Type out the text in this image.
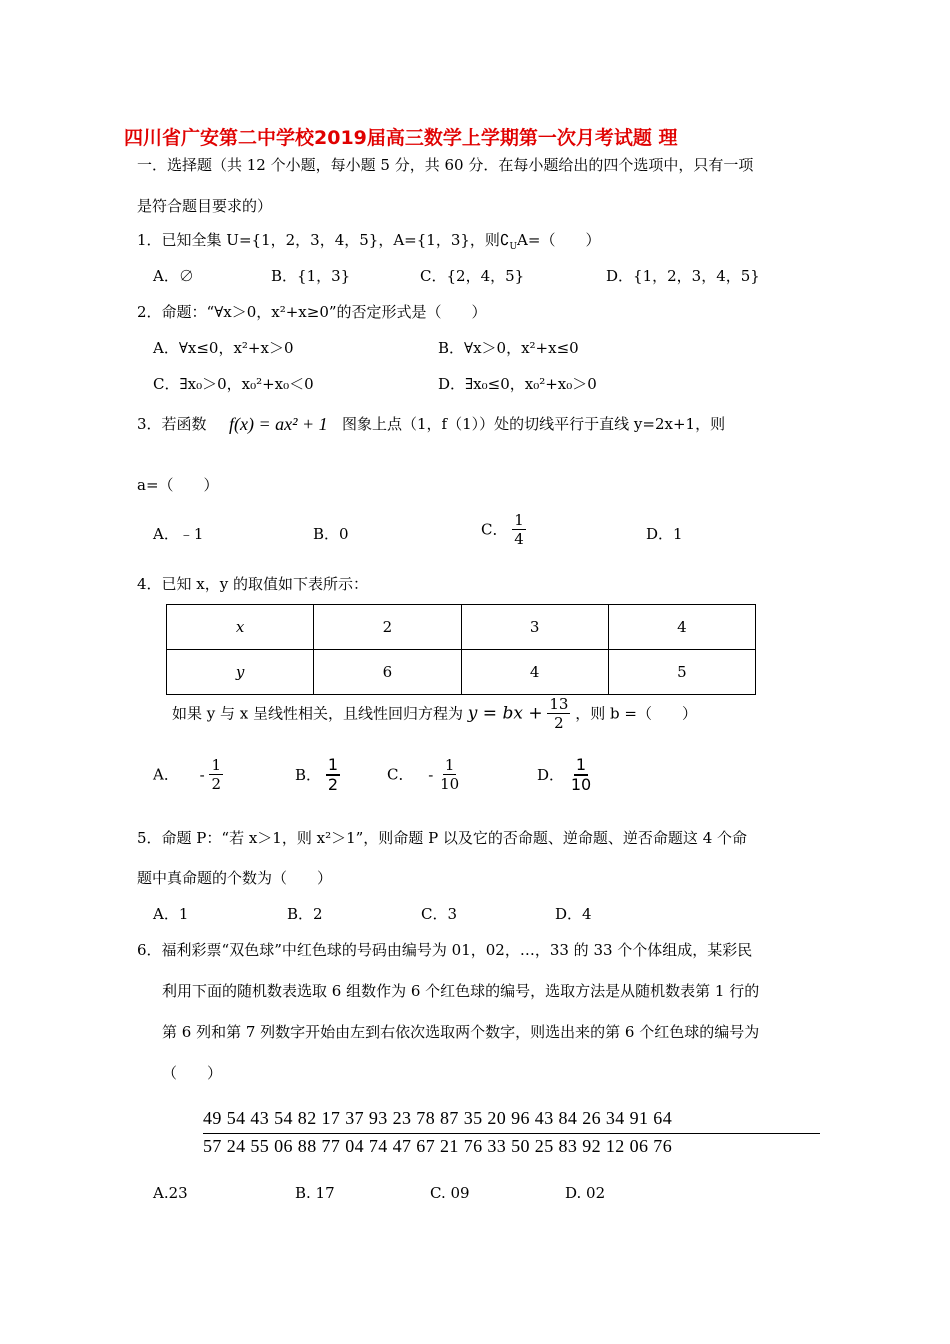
四川省广安第二中学校2019届高三数学上学期第一次月考试题 理
一．选择题（共 12 个小题，每小题 5 分，共 60 分．在每小题给出的四个选项中，只有一项
是符合题目要求的）
1．已知全集 U={1，2，3，4，5}，A={1，3}，则$∁_UA=$（　　）
A．∅	B．{1，3}	C．{2，4，5}	D．{1，2，3，4，5}
2．命题：“∀x＞0，x²+x≥0”的否定形式是（　　）
A．∀x≤0，x²+x＞0	B．∀x＞0，x²+x≤0
C．∃x₀＞0，x₀²+x₀＜0	D．∃x₀≤0，x₀²+x₀＞0
3．若函数 f(x) = ax² + 1 图象上点（1，f（1））处的切线平行于直线 y=2x+1，则
a=（　　）
A．﹣1	B．0	C． $\frac{1}{4}$	D．1
4．已知 x，y 的取值如下表所示：
x	2	3	4
y	6	4	5
如果 y 与 x 呈线性相关，且线性回归方程为 y = bx + $\frac{13}{2}$ ，则 b =（　　）
A． - $\frac{1}{2}$	B． $\frac{1}{2}$	C． - $\frac{1}{10}$	D． $\frac{1}{10}$
5．命题 P：“若 x＞1，则 x²＞1”，则命题 P 以及它的否命题、逆命题、逆否命题这 4 个命
题中真命题的个数为（　　）
A．1	B．2	C．3	D．4
6．福利彩票“双色球”中红色球的号码由编号为 01，02，…，33 的 33 个个体组成，某彩民
利用下面的随机数表选取 6 组数作为 6 个红色球的编号，选取方法是从随机数表第 1 行的
第 6 列和第 7 列数字开始由左到右依次选取两个数字，则选出来的第 6 个红色球的编号为
（　　）
49 54 43 54 82 17 37 93 23 78 87 35 20 96 43 84 26 34 91 64
57 24 55 06 88 77 04 74 47 67 21 76 33 50 25 83 92 12 06 76
A.23	B. 17	C. 09	D. 02
